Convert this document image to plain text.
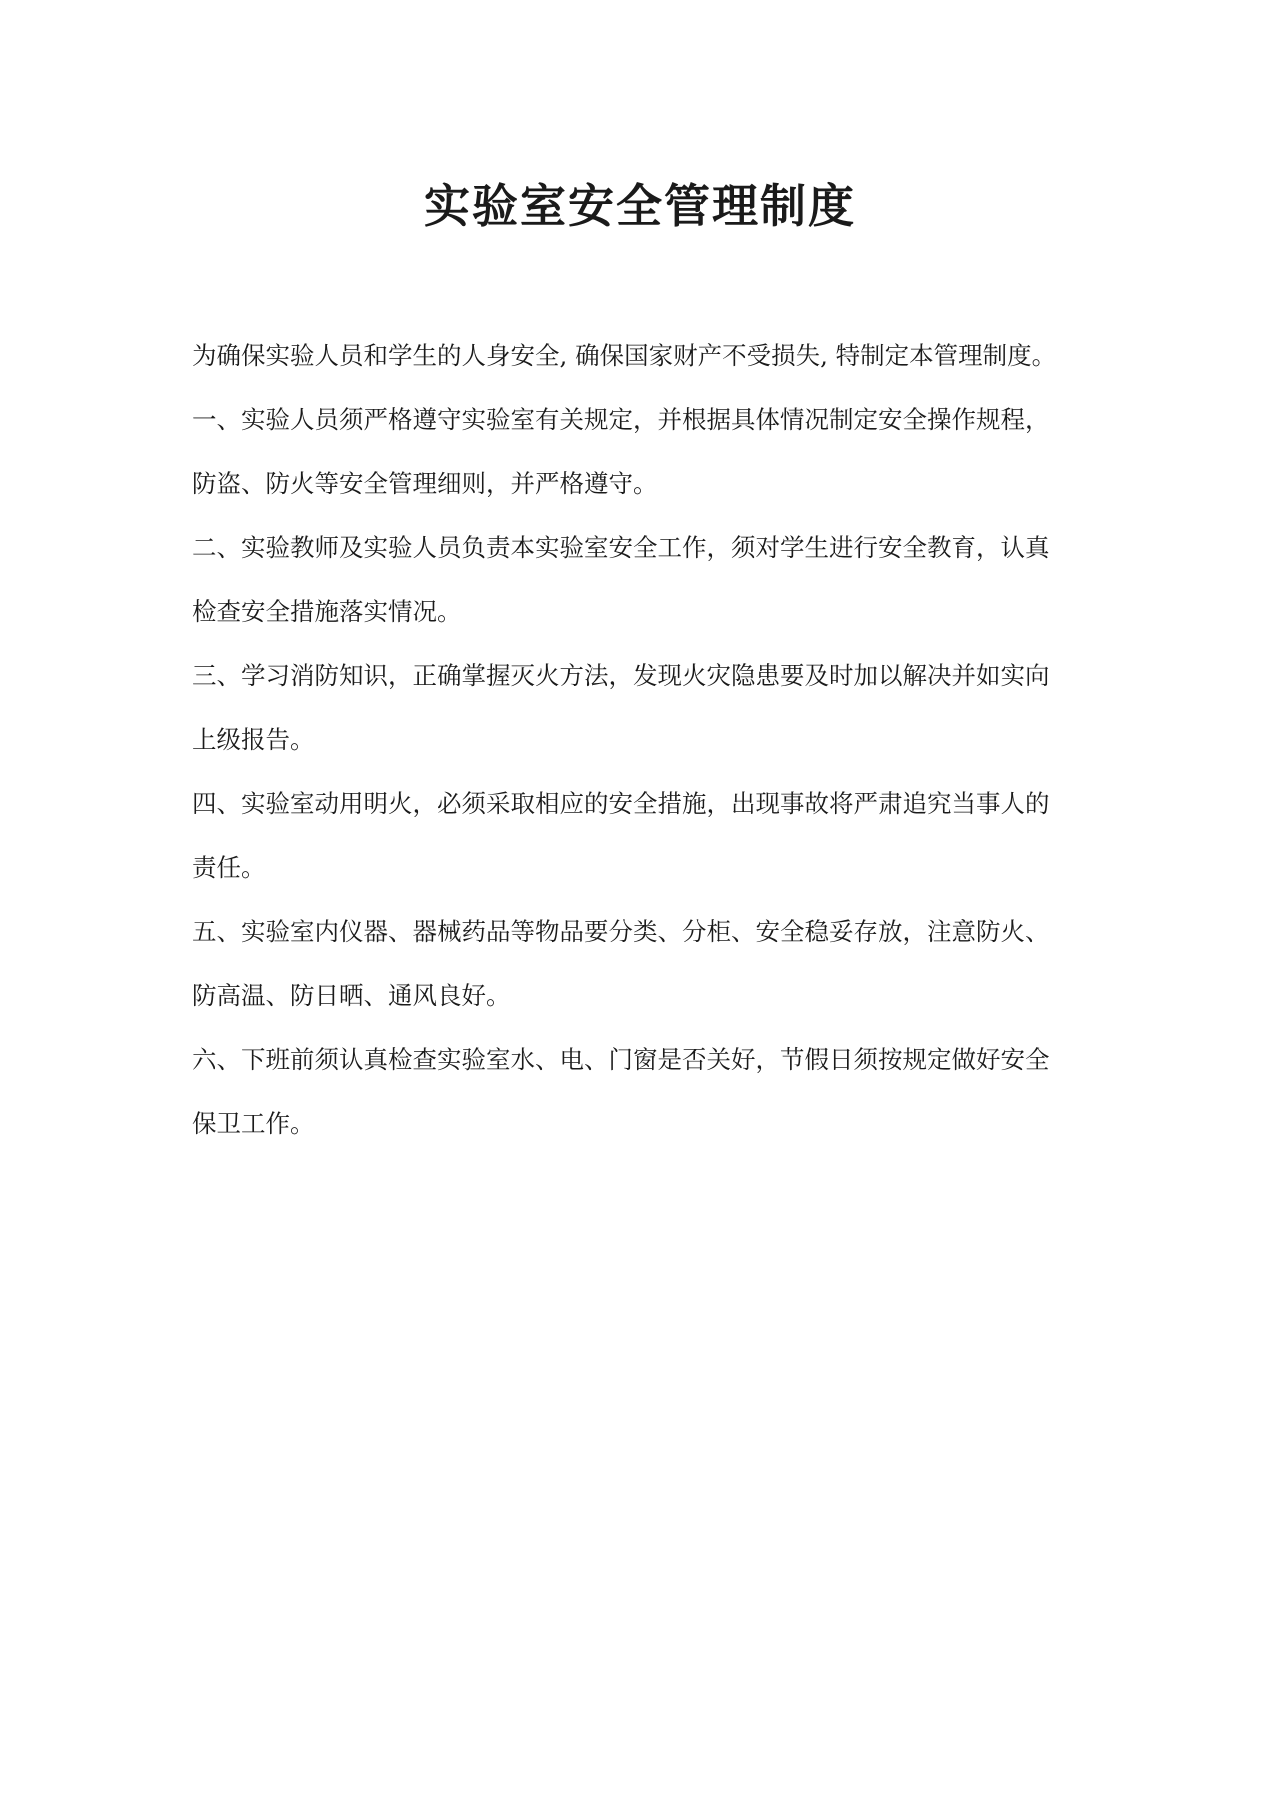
实验室安全管理制度

为确保实验人员和学生的人身安全, 确保国家财产不受损失, 特制定本管理制度。

一、实验人员须严格遵守实验室有关规定，并根据具体情况制定安全操作规程，

防盗、防火等安全管理细则，并严格遵守。

二、实验教师及实验人员负责本实验室安全工作，须对学生进行安全教育，认真

检查安全措施落实情况。

三、学习消防知识，正确掌握灭火方法，发现火灾隐患要及时加以解决并如实向

上级报告。

四、实验室动用明火，必须采取相应的安全措施，出现事故将严肃追究当事人的

责任。

五、实验室内仪器、器械药品等物品要分类、分柜、安全稳妥存放，注意防火、

防高温、防日晒、通风良好。

六、下班前须认真检查实验室水、电、门窗是否关好，节假日须按规定做好安全

保卫工作。
